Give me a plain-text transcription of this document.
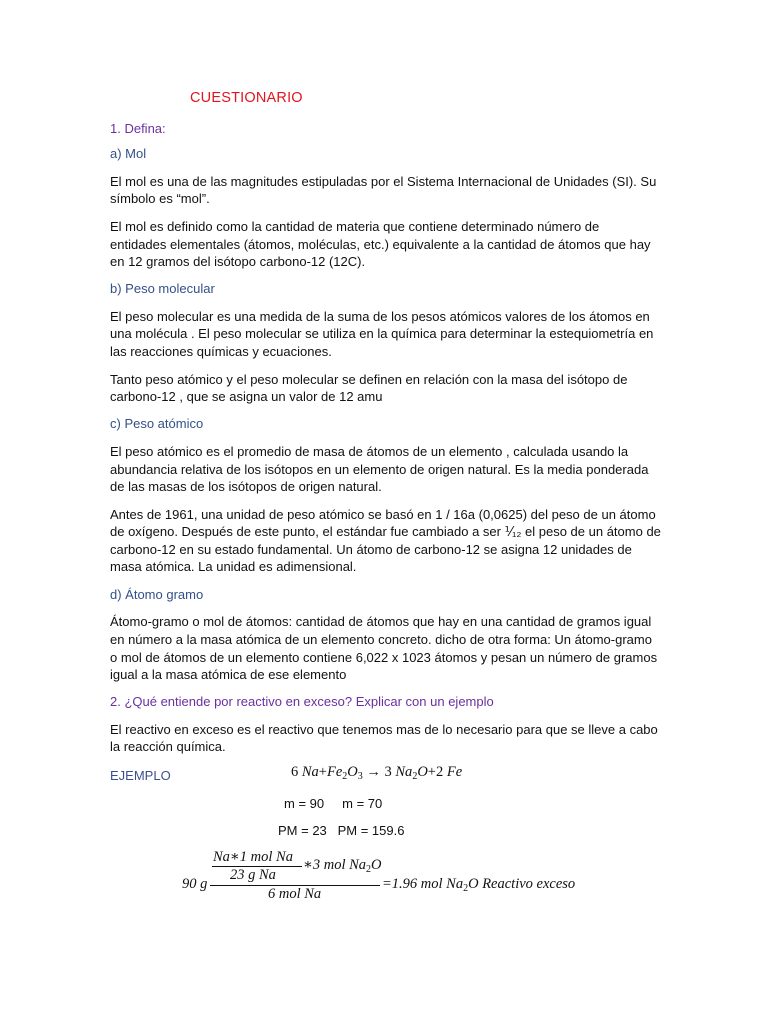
CUESTIONARIO

1. Defina:

a) Mol

El mol es una de las magnitudes estipuladas por el Sistema Internacional de Unidades (SI). Su

símbolo es “mol”.

El mol es definido como la cantidad de materia que contiene determinado número de

entidades elementales (átomos, moléculas, etc.) equivalente a la cantidad de átomos que hay

en 12 gramos del isótopo carbono-12 (12C).

b) Peso molecular

El peso molecular es una medida de la suma de los pesos atómicos valores de los átomos en

una molécula . El peso molecular se utiliza en la química para determinar la estequiometría en

las reacciones químicas y ecuaciones.

Tanto peso atómico y el peso molecular se definen en relación con la masa del isótopo de

carbono-12 , que se asigna un valor de 12 amu

c) Peso atómico

El peso atómico es el promedio de masa de átomos de un elemento , calculada usando la

abundancia relativa de los isótopos en un elemento de origen natural. Es la media ponderada

de las masas de los isótopos de origen natural.

Antes de 1961, una unidad de peso atómico se basó en 1 / 16a (0,0625) del peso de un átomo

de oxígeno. Después de este punto, el estándar fue cambiado a ser ⅟₁₂ el peso de un átomo de

carbono-12 en su estado fundamental. Un átomo de carbono-12 se asigna 12 unidades de

masa atómica. La unidad es adimensional.

d) Átomo gramo

Átomo-gramo o mol de átomos: cantidad de átomos que hay en una cantidad de gramos igual

en número a la masa atómica de un elemento concreto. dicho de otra forma: Un átomo-gramo

o mol de átomos de un elemento contiene 6,022 x 1023 átomos y pesan un número de gramos

igual a la masa atómica de ese elemento

2. ¿Qué entiende por reactivo en exceso? Explicar con un ejemplo

El reactivo en exceso es el reactivo que tenemos mas de lo necesario para que se lleve a cabo

la reacción química.

EJEMPLO	6 $Na+Fe_2O_3 \to 3$ $Na_2O+2$ Fe

m = 90     m = 70

PM = 23   PM = 159.6

90 g
Na∗1 mol Na
23 g Na
∗3 mol $Na_2O$
6 mol Na
=1.96 mol $Na_2O$ Reactivo exceso
